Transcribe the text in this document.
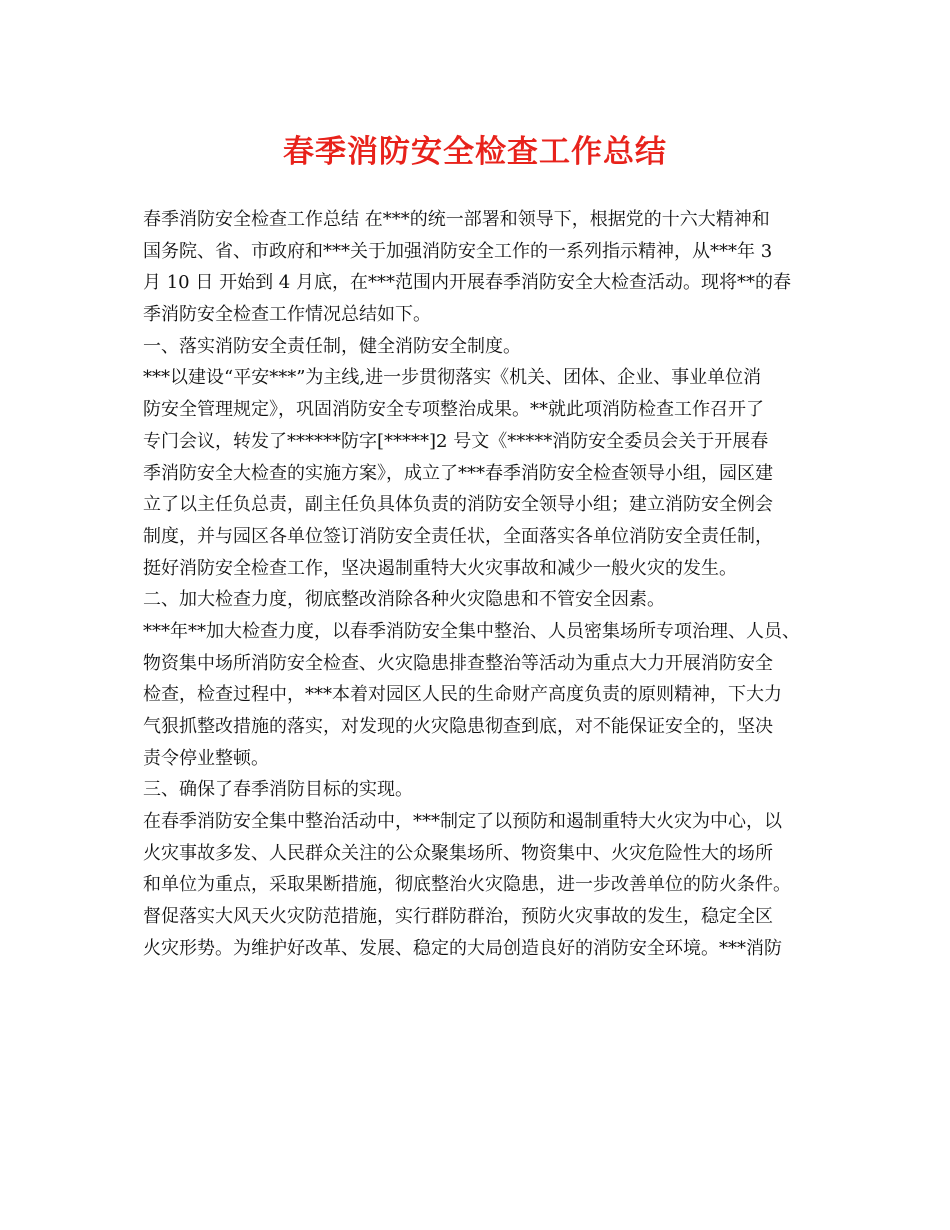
春季消防安全检查工作总结
春季消防安全检查工作总结 在***的统一部署和领导下，根据党的十六大精神和
国务院、省、市政府和***关于加强消防安全工作的一系列指示精神，从***年 3
月 10 日 开始到 4 月底，在***范围内开展春季消防安全大检查活动。现将**的春
季消防安全检查工作情况总结如下。
一、落实消防安全责任制，健全消防安全制度。
***以建设“平安***”为主线,进一步贯彻落实《机关、团体、企业、事业单位消
防安全管理规定》，巩固消防安全专项整治成果。**就此项消防检查工作召开了
专门会议，转发了******防字[*****]2 号文《*****消防安全委员会关于开展春
季消防安全大检查的实施方案》，成立了***春季消防安全检查领导小组，园区建
立了以主任负总责，副主任负具体负责的消防安全领导小组；建立消防安全例会
制度，并与园区各单位签订消防安全责任状，全面落实各单位消防安全责任制，
挺好消防安全检查工作，坚决遏制重特大火灾事故和减少一般火灾的发生。
二、加大检查力度，彻底整改消除各种火灾隐患和不管安全因素。
***年**加大检查力度，以春季消防安全集中整治、人员密集场所专项治理、人员、
物资集中场所消防安全检查、火灾隐患排查整治等活动为重点大力开展消防安全
检查，检查过程中，***本着对园区人民的生命财产高度负责的原则精神，下大力
气狠抓整改措施的落实，对发现的火灾隐患彻查到底，对不能保证安全的，坚决
责令停业整顿。
三、确保了春季消防目标的实现。
在春季消防安全集中整治活动中，***制定了以预防和遏制重特大火灾为中心，以
火灾事故多发、人民群众关注的公众聚集场所、物资集中、火灾危险性大的场所
和单位为重点，采取果断措施，彻底整治火灾隐患，进一步改善单位的防火条件。
督促落实大风天火灾防范措施，实行群防群治，预防火灾事故的发生，稳定全区
火灾形势。为维护好改革、发展、稳定的大局创造良好的消防安全环境。***消防
